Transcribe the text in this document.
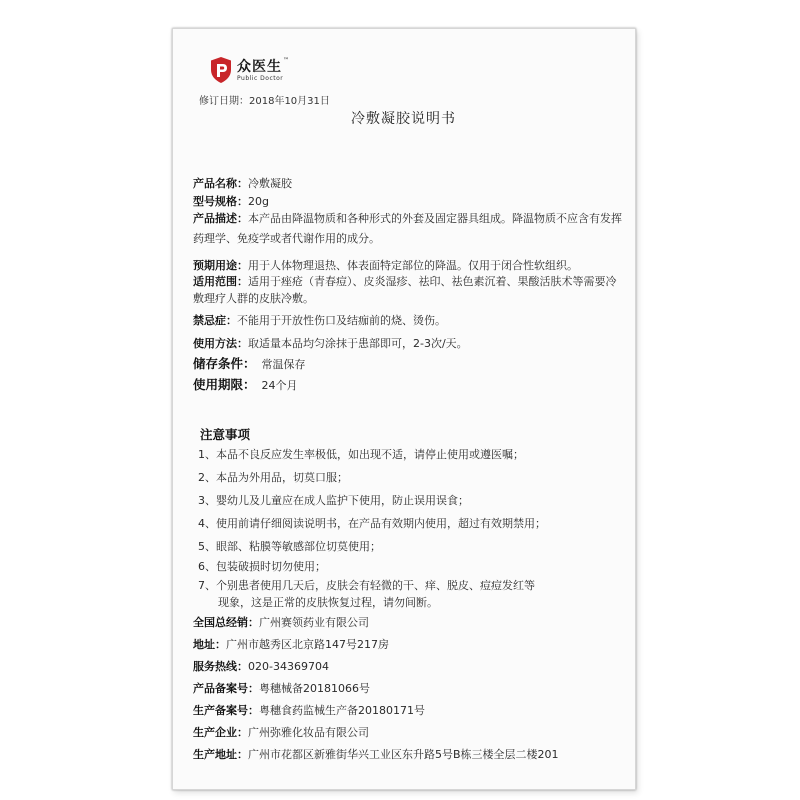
众医生™
Public Doctor
修订日期：2018年10月31日
冷敷凝胶说明书
产品名称：冷敷凝胶
型号规格：20g
产品描述：本产品由降温物质和各种形式的外套及固定器具组成。降温物质不应含有发挥药理学、免疫学或者代谢作用的成分。
预期用途：用于人体物理退热、体表面特定部位的降温。仅用于闭合性软组织。
适用范围：适用于痤疮（青春痘）、皮炎湿疹、祛印、祛色素沉着、果酸活肤术等需要冷敷理疗人群的皮肤冷敷。
禁忌症：不能用于开放性伤口及结痂前的烧、烫伤。
使用方法：取适量本品均匀涂抹于患部即可，2-3次/天。
储存条件： 常温保存
使用期限： 24个月
注意事项
1、本品不良反应发生率极低，如出现不适，请停止使用或遵医嘱；
2、本品为外用品，切莫口服；
3、婴幼儿及儿童应在成人监护下使用，防止误用误食；
4、使用前请仔细阅读说明书，在产品有效期内使用，超过有效期禁用；
5、眼部、粘膜等敏感部位切莫使用；
6、包装破损时切勿使用；
7、个别患者使用几天后，皮肤会有轻微的干、痒、脱皮、痘痘发红等
现象，这是正常的皮肤恢复过程，请勿间断。
全国总经销：广州赛领药业有限公司
地址：广州市越秀区北京路147号217房
服务热线：020-34369704
产品备案号：粤穗械备20181066号
生产备案号：粤穗食药监械生产备20180171号
生产企业：广州弥雅化妆品有限公司
生产地址：广州市花都区新雅街华兴工业区东升路5号B栋三楼全层二楼201
